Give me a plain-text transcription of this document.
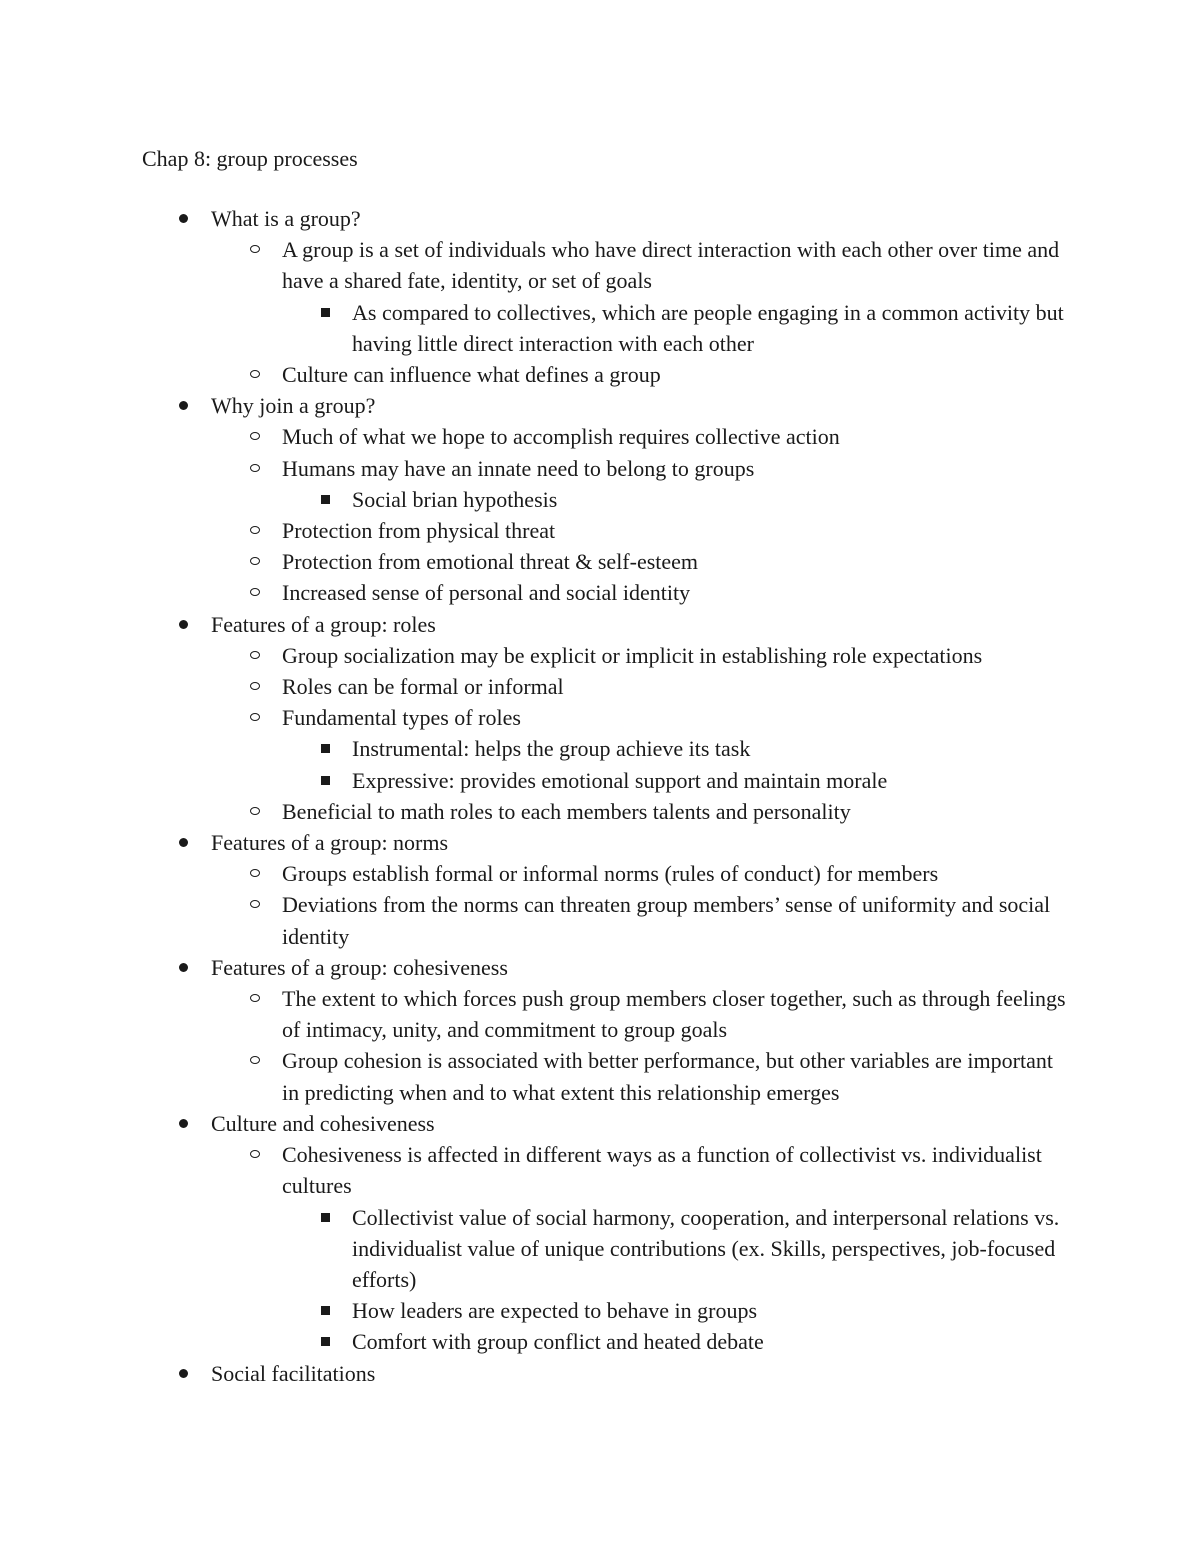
Chap 8: group processes
What is a group?
A group is a set of individuals who have direct interaction with each other over time and have a shared fate, identity, or set of goals
As compared to collectives, which are people engaging in a common activity but having little direct interaction with each other
Culture can influence what defines a group
Why join a group?
Much of what we hope to accomplish requires collective action
Humans may have an innate need to belong to groups
Social brian hypothesis
Protection from physical threat
Protection from emotional threat & self-esteem
Increased sense of personal and social identity
Features of a group: roles
Group socialization may be explicit or implicit in establishing role expectations
Roles can be formal or informal
Fundamental types of roles
Instrumental: helps the group achieve its task
Expressive: provides emotional support and maintain morale
Beneficial to math roles to each members talents and personality
Features of a group: norms
Groups establish formal or informal norms (rules of conduct) for members
Deviations from the norms can threaten group members’ sense of uniformity and social identity
Features of a group: cohesiveness
The extent to which forces push group members closer together, such as through feelings of intimacy, unity, and commitment to group goals
Group cohesion is associated with better performance, but other variables are important in predicting when and to what extent this relationship emerges
Culture and cohesiveness
Cohesiveness is affected in different ways as a function of collectivist vs. individualist cultures
Collectivist value of social harmony, cooperation, and interpersonal relations vs. individualist value of unique contributions (ex. Skills, perspectives, job-focused efforts)
How leaders are expected to behave in groups
Comfort with group conflict and heated debate
Social facilitations
